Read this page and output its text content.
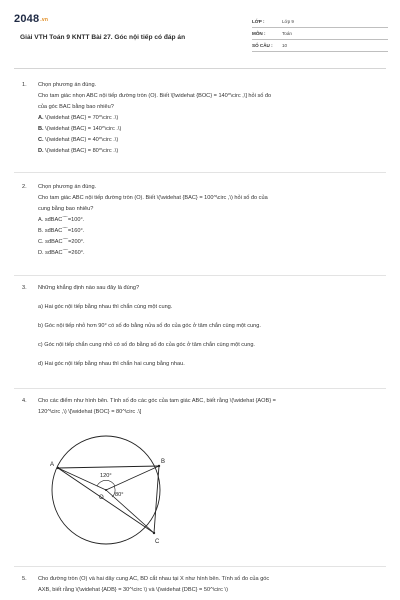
2048.vn
Giải VTH Toán 9 KNTT Bài 27. Góc nội tiếp có đáp án
LỚP :	Lớp 9
MÔN :	Toán
SỐ CÂU :	10
1.	Chọn phương án đúng.
Cho tam giác nhọn ABC nội tiếp đường tròn (O). Biết \[\widehat {BOC} = 140^\circ ,\] hỏi số đo
của góc BAC bằng bao nhiêu?
A. \(\widehat {BAC} = 70^\circ .\)
B. \(\widehat {BAC} = 140^\circ .\)
C. \(\widehat {BAC} = 40^\circ .\)
D. \(\widehat {BAC} = 80^\circ .\)
2.	Chọn phương án đúng.
Cho tam giác ABC nội tiếp đường tròn (O). Biết \(\widehat {BAC} = 100^\circ ,\) hỏi số đo của
cung bằng bao nhiêu?
A. sđBAC⌒=100°.
B. sđBAC⌒=160°.
C. sđBAC⌒=200°.
D. sđBAC⌒=260°.
3.	Những khẳng định nào sau đây là đúng?
a) Hai góc nội tiếp bằng nhau thì chắn cùng một cung.
b) Góc nội tiếp nhỏ hơn 90° có số đo bằng nửa số đo của góc ở tâm chắn cùng một cung.
c) Góc nội tiếp chắn cung nhỏ có số đo bằng số đo của góc ở tâm chắn cùng một cung.
d) Hai góc nội tiếp bằng nhau thì chắn hai cung bằng nhau.
4.	Cho các điểm như hình bên. Tính số đo các góc của tam giác ABC, biết rằng \(\widehat {AOB} =
120^\circ ,\) \[\widehat {BOC} = 80^\circ .\]
A	B
C
O
120°
80°
5.	Cho đường tròn (O) và hai dây cung AC, BD cắt nhau tại X như hình bên. Tính số đo của góc
AXB, biết rằng \(\widehat {ADB} = 30^\circ \) và \(\widehat {DBC} = 50^\circ \)
